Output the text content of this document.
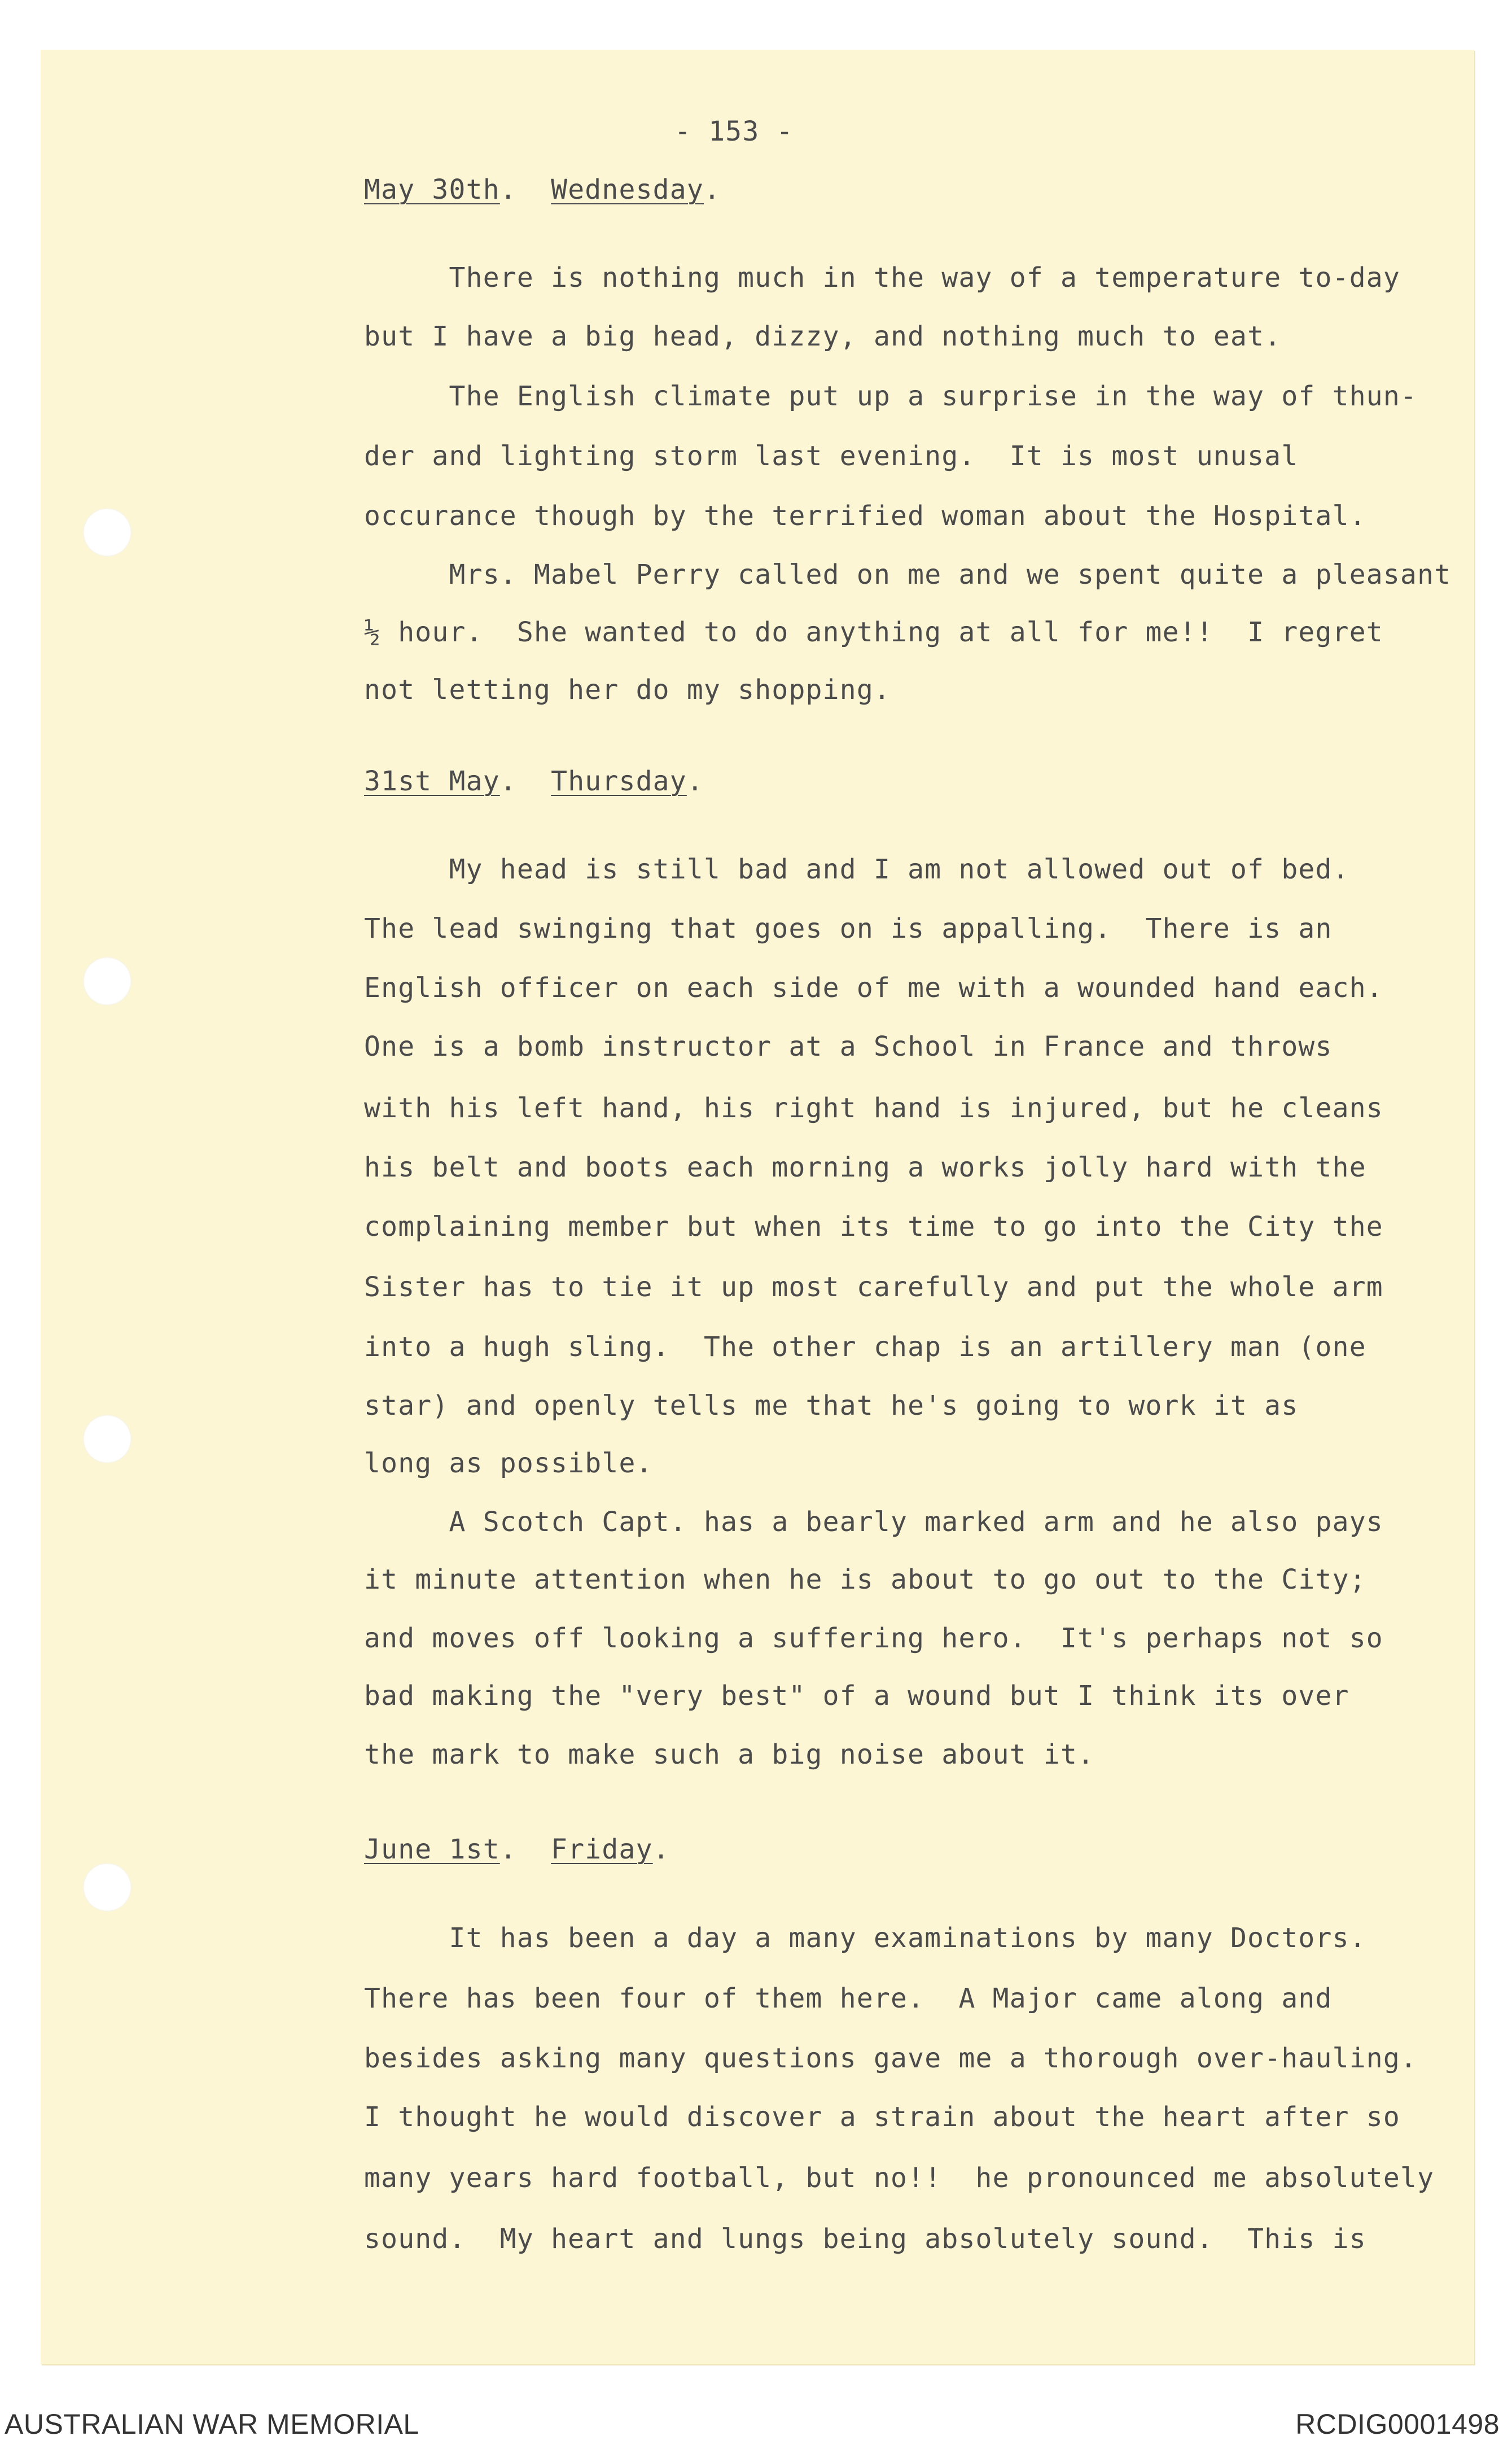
- 153 -
May 30th.  Wednesday.
There is nothing much in the way of a temperature to-day
but I have a big head, dizzy, and nothing much to eat.
The English climate put up a surprise in the way of thun-
der and lighting storm last evening.  It is most unusal
occurance though by the terrified woman about the Hospital.
Mrs. Mabel Perry called on me and we spent quite a pleasant
½ hour.  She wanted to do anything at all for me!!  I regret
not letting her do my shopping.
31st May.  Thursday.
My head is still bad and I am not allowed out of bed.
The lead swinging that goes on is appalling.  There is an
English officer on each side of me with a wounded hand each.
One is a bomb instructor at a School in France and throws
with his left hand, his right hand is injured, but he cleans
his belt and boots each morning a works jolly hard with the
complaining member but when its time to go into the City the
Sister has to tie it up most carefully and put the whole arm
into a hugh sling.  The other chap is an artillery man (one
star) and openly tells me that he's going to work it as
long as possible.
A Scotch Capt. has a bearly marked arm and he also pays
it minute attention when he is about to go out to the City;
and moves off looking a suffering hero.  It's perhaps not so
bad making the "very best" of a wound but I think its over
the mark to make such a big noise about it.
June 1st.  Friday.
It has been a day a many examinations by many Doctors.
There has been four of them here.  A Major came along and
besides asking many questions gave me a thorough over-hauling.
I thought he would discover a strain about the heart after so
many years hard football, but no!!  he pronounced me absolutely
sound.  My heart and lungs being absolutely sound.  This is
AUSTRALIAN WAR MEMORIAL	RCDIG0001498
